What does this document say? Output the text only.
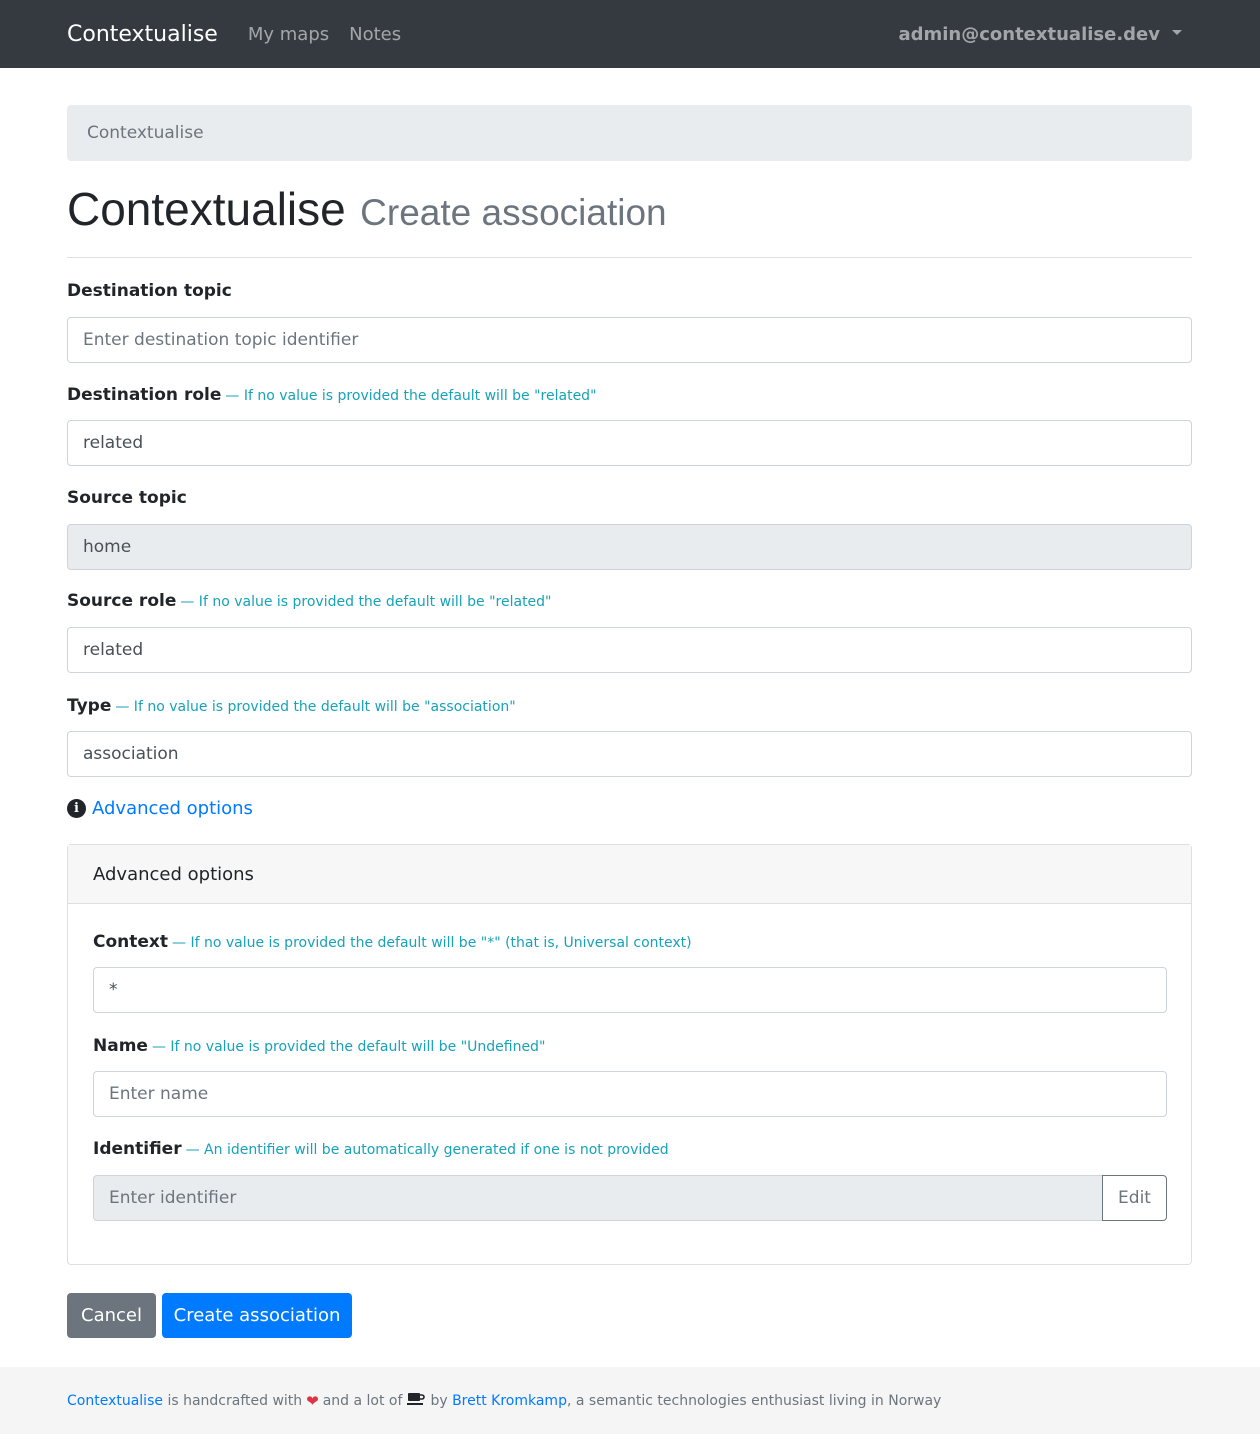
Contextualise My maps Notes	admin@contextualise.dev
Contextualise
Contextualise Create association
Destination topic
Enter destination topic identifier
Destination role — If no value is provided the default will be "related"
related
Source topic
home
Source role — If no value is provided the default will be "related"
related
Type — If no value is provided the default will be "association"
association
i Advanced options
Advanced options
Context — If no value is provided the default will be "*" (that is, Universal context)
*
Name — If no value is provided the default will be "Undefined"
Enter name
Identifier — An identifier will be automatically generated if one is not provided
Enter identifier	Edit
Cancel	Create association
Contextualise is handcrafted with ❤ and a lot of by
Brett Kromkamp , a semantic technologies enthusiast living in Norway
